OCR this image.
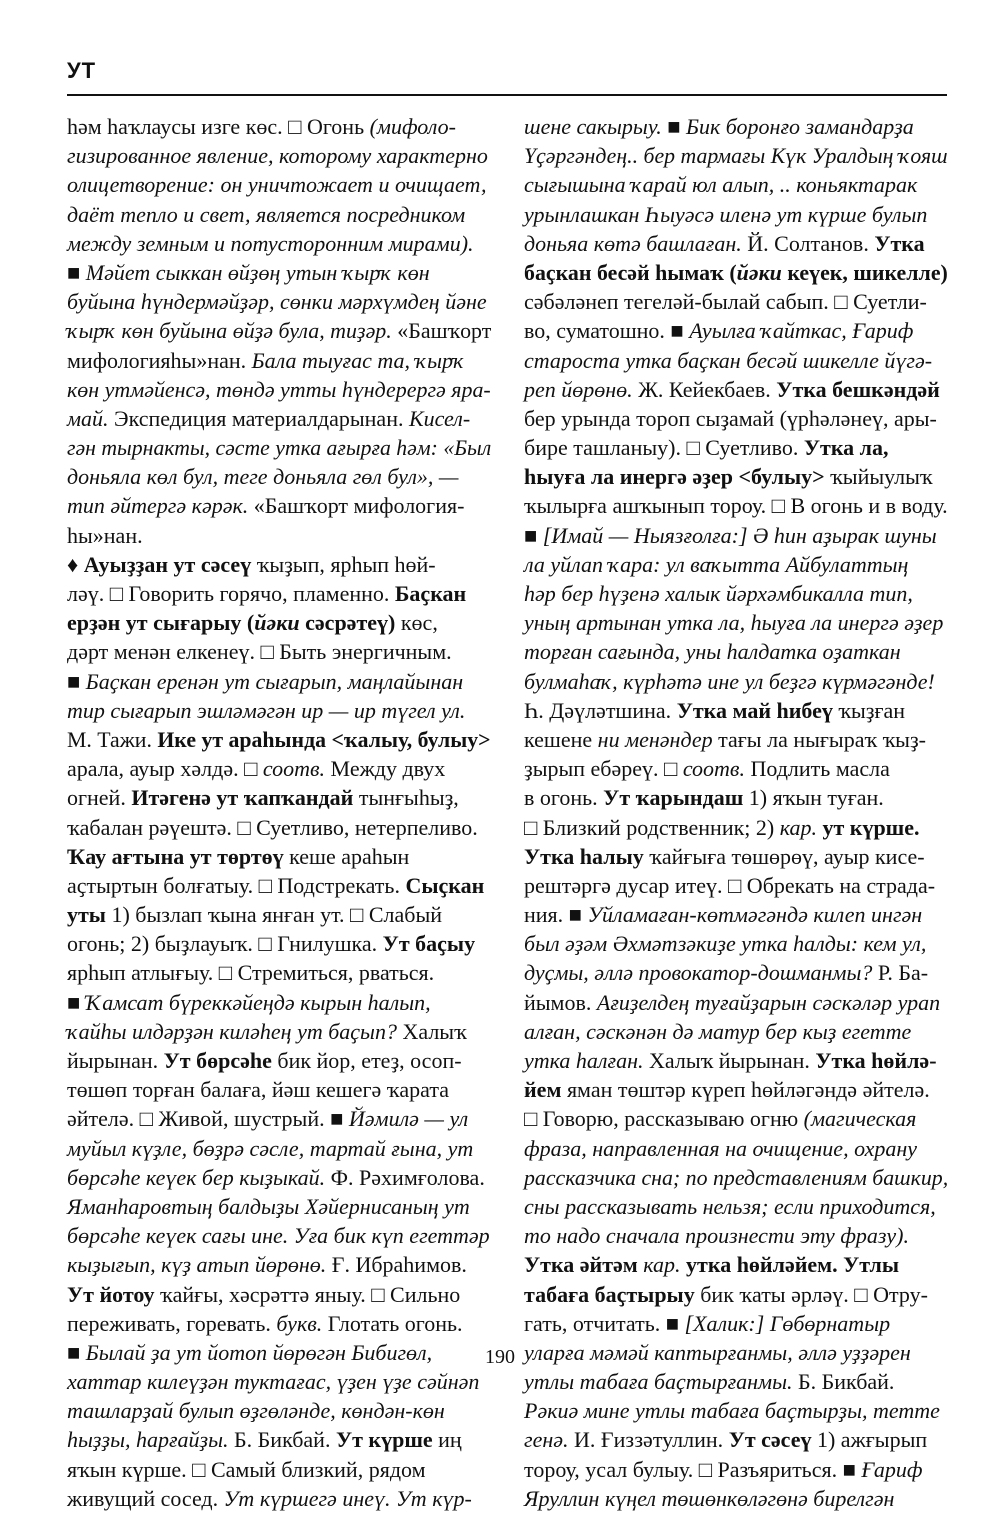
УТ
һәм һаҡлаусы изге көс. □ Огонь (мифоло-
гизированное явление, которому характерно
олицетворение: он уничтожает и очищает,
даёт тепло и свет, является посредником
между земным и потусторонним мирами).
■ Мәйет сыккан өйҙөң утын ҡырҡ көн
буйына һүндермәйҙәр, сөнки мәрхүмдең йәне
ҡырҡ көн буйына өйҙә була, тиҙәр. «Башҡорт
мифологияһы»нан. Бала тыуғас та, ҡырҡ
көн утмәйенсә, төндә утты һүндерергә яра-
май. Экспедиция материалдарынан. Кисел-
гән тырнакты, сәсте утка ағырға һәм: «Был
доньяла көл бул, теге доньяла гөл бул», —
тип әйтергә кәрәк. «Башҡорт мифология-
һы»нан.
♦ Ауыҙҙан ут сәсеү ҡыҙып, ярһып һөй-
ләү. □ Говорить горячо, пламенно. Баҫкан
ерҙән ут сығарыу (йәки сәсрәтеү) көс,
дәрт менән елкенеү. □ Быть энергичным.
■ Баҫкан еренән ут сығарып, маңлайынан
тир сығарып эшләмәгән ир — ир түгел ул.
М. Тажи. Ике ут араһында <ҡалыу, булыу>
арала, ауыр хәлдә. □ соотв. Между двух
огней. Итәгенә ут ҡапҡандай тынғыһыҙ,
ҡабалан рәүештә. □ Суетливо, нетерпеливо.
Ҡау ағтына ут төртөү кеше араһын
аҫтыртын болғатыу. □ Подстрекать. Сыҫкан
уты 1) бызлап ҡына янған ут. □ Слабый
огонь; 2) быҙлауыҡ. □ Гнилушка. Ут баҫыу
ярһып атлығыу. □ Стремиться, рваться.
■ Ҡамсат бүреккәйеңдә кырын һалып,
ҡайһы илдәрҙән киләһең ут баҫып? Халыҡ
йырынан. Ут бөрсәһе бик йор, етеҙ, осоп-
төшөп торған балаға, йәш кешегә ҡарата
әйтелә. □ Живой, шустрый. ■ Йәмилә — ул
муйыл күҙле, бөҙрә сәсле, тартай ғына, ут
бөрсәһе кеүек бер кыҙыкай. Ф. Рәхимғолова.
Яманһаровтың балдыҙы Хәйернисаның ут
бөрсәһе кеүек сағы ине. Уға бик күп егеттәр
кыҙығып, күҙ атып йөрөнө. Ғ. Ибраһимов.
Ут йотоу ҡайғы, хәсрәттә яныу. □ Сильно
переживать, горевать. букв. Глотать огонь.
■ Былай ҙа ут йотоп йөрөгән Бибигөл,
хаттар килеүҙән туктағас, үҙен үҙе сәйнәп
ташларҙай булып өҙгөләнде, көндән-көн
һыҙҙы, һарғайҙы. Б. Бикбай. Ут күрше иң
яҡын күрше. □ Самый близкий, рядом
живущий сосед. Ут күршегә инеү. Ут күр-
шене сакырыу. ■ Бик боронғо замандарҙа
Үҫәргәндең.. бер тармағы Күк Уралдың ҡояш
сығышына ҡарай юл алып, .. коньяктарак
урынлашкан Һыуәсә иленә ут күрше булып
доньяа көтә башлаған. Й. Солтанов. Утка
баҫкан бесәй һымаҡ (йәки кеүек, шикелле)
сәбәләнеп тегеләй-былай сабып. □ Суетли-
во, суматошно. ■ Ауылға ҡайткас, Ғариф
староста утка баҫкан бесәй шикелле йүгә-
реп йөрөнө. Ж. Кейекбаев. Утка бешкәндәй
бер урында тороп сыҙамай (үрһәләнеү, ары-
бире ташланыу). □ Суетливо. Утка ла,
һыуға ла инергә әҙер <булыу> ҡыйыулыҡ
ҡылырға ашҡынып тороу. □ В огонь и в воду.
■ [Имай — Ныязғолға:] Ә һин аҙырак шуны
ла уйлап ҡара: ул ваҡытта Айбулаттың
һәр бер һүҙенә халык йәрхәмбикалла тип,
уның артынан утка ла, һыуға ла инергә әҙер
торған сағында, уны һалдатка оҙаткан
булмаһаҡ, күрһәтә ине ул беҙгә күрмәгәнде!
Һ. Дәүләтшина. Утка май һибеү ҡыҙған
кешене ни менәндер тағы ла нығыраҡ ҡыҙ-
ҙырып ебәреү. □ соотв. Подлить масла
в огонь. Ут ҡарындаш 1) яҡын туған.
□ Близкий родственник; 2) кар. ут күрше.
Утка һалыу ҡайғыға төшөрөү, ауыр кисе-
рештәргә дусар итеү. □ Обрекать на страда-
ния. ■ Уйламаған-көтмәгәндә килеп ингән
был әҙәм Әхмәтзәкиҙе утка һалды: кем ул,
дуҫмы, әллә провокатор-дошманмы? Р. Ба-
йымов. Ағиҙелдең туғайҙарын сәскәләр урап
алған, сәскәнән дә матур бер кыҙ егетте
утка һалған. Халыҡ йырынан. Утка һөйлә-
йем яман төштәр күреп һөйләгәндә әйтелә.
□ Говорю, рассказываю огню (магическая
фраза, направленная на очищение, охрану
рассказчика сна; по представлениям башкир,
сны рассказывать нельзя; если приходится,
то надо сначала произнести эту фразу).
Утка әйтәм кар. утка һөйләйем. Утлы
табаға баҫтырыу бик ҡаты әрләү. □ Отру-
гать, отчитать. ■ [Халик:] Гөбөрнатыр
уларға мәмәй каптырғанмы, әллә уҙҙәрен
утлы табаға баҫтырғанмы. Б. Бикбай.
Рәкиә мине утлы табаға баҫтырҙы, тетте
генә. И. Ғиззәтуллин. Ут сәсеү 1) ажғырып
тороу, усал булыу. □ Разъяриться. ■ Ғариф
Яруллин күңел төшөнкөләгөнә бирелгән
190
